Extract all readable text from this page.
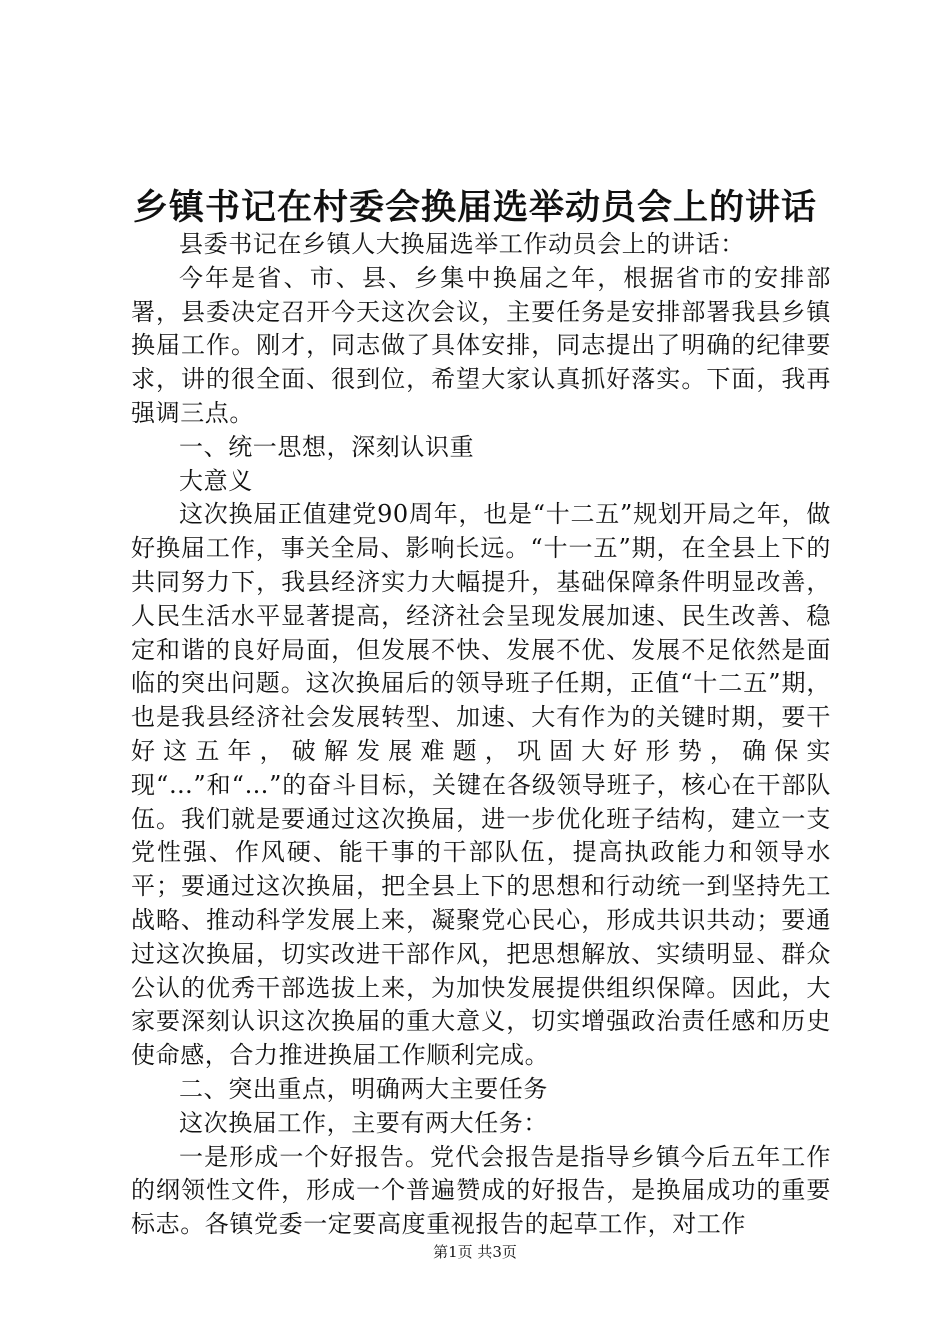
乡镇书记在村委会换届选举动员会上的讲话

县委书记在乡镇人大换届选举工作动员会上的讲话：

今年是省、市、县、乡集中换届之年，根据省市的安排部署，县委决定召开今天这次会议，主要任务是安排部署我县乡镇换届工作。刚才，同志做了具体安排，同志提出了明确的纪律要求，讲的很全面、很到位，希望大家认真抓好落实。下面，我再强调三点。

一、统一思想，深刻认识重

大意义

这次换届正值建党90周年，也是“十二五”规划开局之年，做好换届工作，事关全局、影响长远。“十一五”期，在全县上下的共同努力下，我县经济实力大幅提升，基础保障条件明显改善，人民生活水平显著提高，经济社会呈现发展加速、民生改善、稳定和谐的良好局面，但发展不快、发展不优、发展不足依然是面临的突出问题。这次换届后的领导班子任期，正值“十二五”期，也是我县经济社会发展转型、加速、大有作为的关键时期，要干好这五年，破解发展难题，巩固大好形势，确保实现“…”和“…”的奋斗目标，关键在各级领导班子，核心在干部队伍。我们就是要通过这次换届，进一步优化班子结构，建立一支党性强、作风硬、能干事的干部队伍，提高执政能力和领导水平；要通过这次换届，把全县上下的思想和行动统一到坚持先工战略、推动科学发展上来，凝聚党心民心，形成共识共动；要通过这次换届，切实改进干部作风，把思想解放、实绩明显、群众公认的优秀干部选拔上来，为加快发展提供组织保障。因此，大家要深刻认识这次换届的重大意义，切实增强政治责任感和历史使命感，合力推进换届工作顺利完成。

二、突出重点，明确两大主要任务

这次换届工作，主要有两大任务：

一是形成一个好报告。党代会报告是指导乡镇今后五年工作的纲领性文件，形成一个普遍赞成的好报告，是换届成功的重要标志。各镇党委一定要高度重视报告的起草工作，对工作

第1页 共3页
